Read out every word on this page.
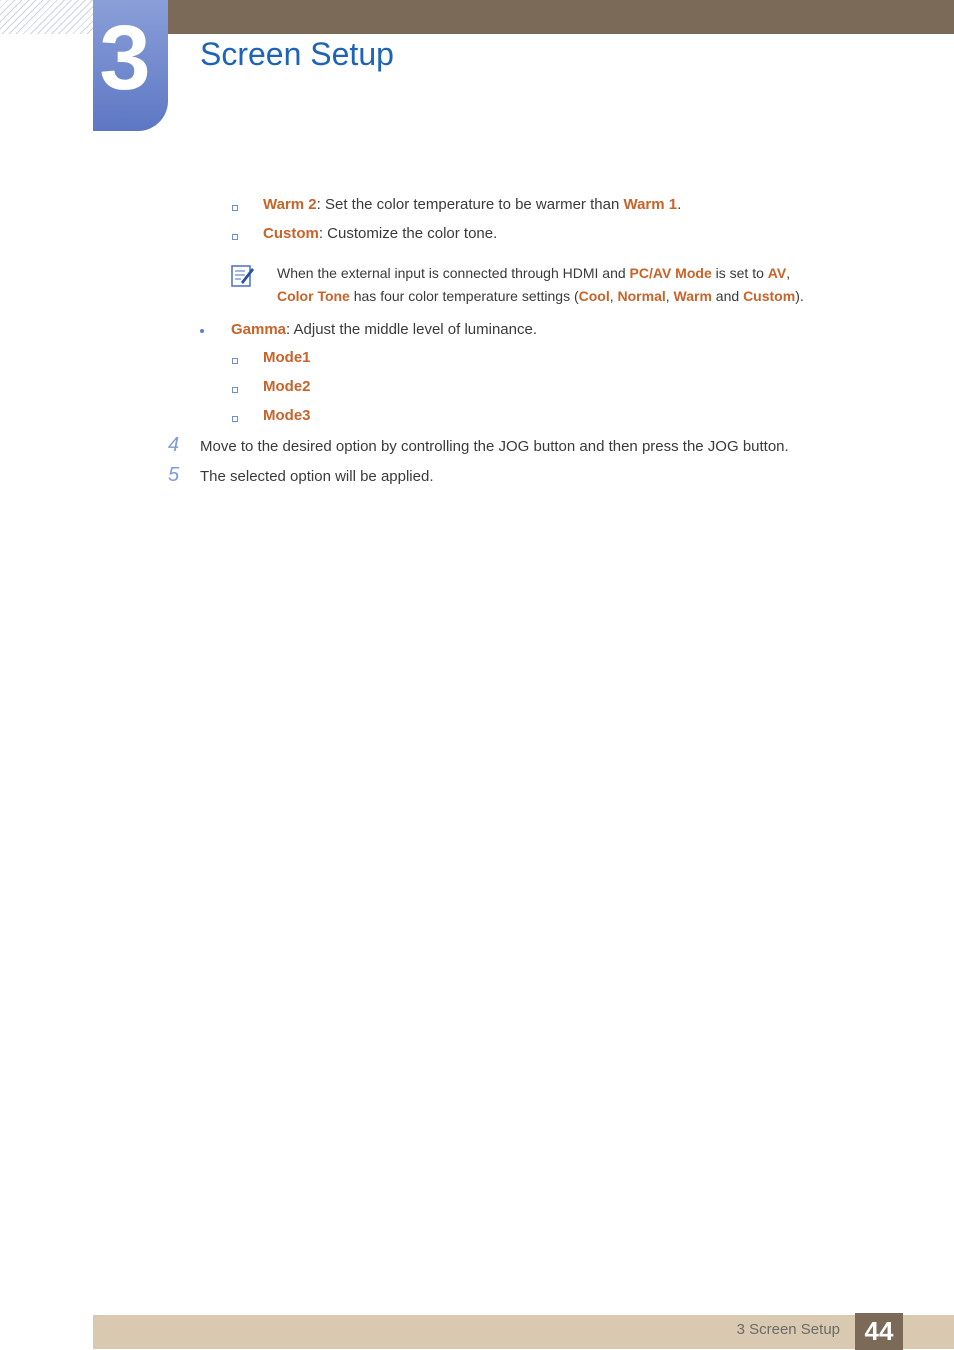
3 Screen Setup
Warm 2: Set the color temperature to be warmer than Warm 1.
Custom: Customize the color tone.
When the external input is connected through HDMI and PC/AV Mode is set to AV,
Color Tone has four color temperature settings (Cool, Normal, Warm and Custom).
Gamma: Adjust the middle level of luminance.
Mode1
Mode2
Mode3
4 Move to the desired option by controlling the JOG button and then press the JOG button.
5 The selected option will be applied.
3 Screen Setup 44
